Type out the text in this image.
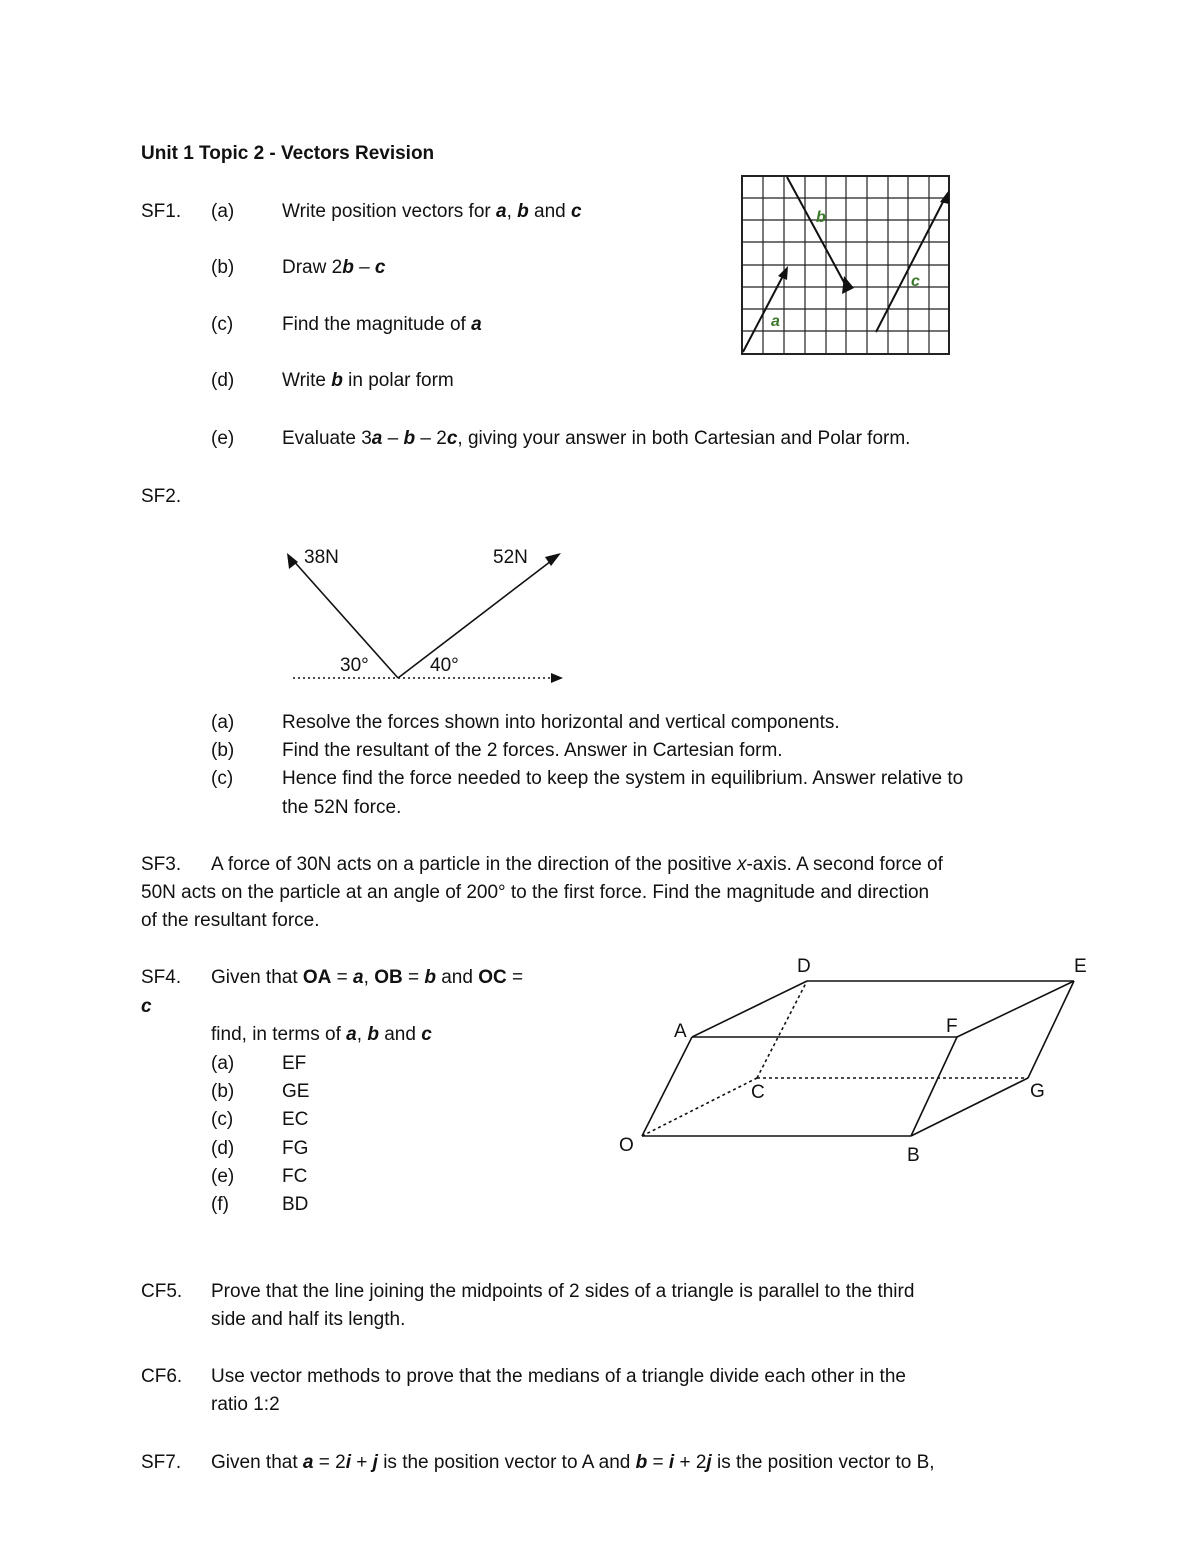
Unit 1 Topic 2 - Vectors Revision
SF1. (a)	Write position vectors for a, b and c
(b)	Draw 2b – c
(c)	Find the magnitude of a
(d)	Write b in polar form
(e)	Evaluate 3a – b – 2c, giving your answer in both Cartesian and Polar form.
a
b
c
SF2.
38N	52N
30°	40°
(a)	Resolve the forces shown into horizontal and vertical components.
(b)	Find the resultant of the 2 forces. Answer in Cartesian form.
(c)	Hence find the force needed to keep the system in equilibrium. Answer relative to
the 52N force.
SF3. A force of 30N acts on a particle in the direction of the positive x-axis. A second force of
50N acts on the particle at an angle of 200° to the first force. Find the magnitude and direction
of the resultant force.
SF4. Given that OA = a, OB = b and OC =
c
find, in terms of a, b and c
(a)	EF
(b)	GE
(c)	EC
(d)	FG
(e)	FC
(f)	BD
O
A
B
C
D	E
F
G
CF5. Prove that the line joining the midpoints of 2 sides of a triangle is parallel to the third
side and half its length.
CF6. Use vector methods to prove that the medians of a triangle divide each other in the
ratio 1:2
SF7. Given that a = 2i + j is the position vector to A and b = i + 2j is the position vector to B,
